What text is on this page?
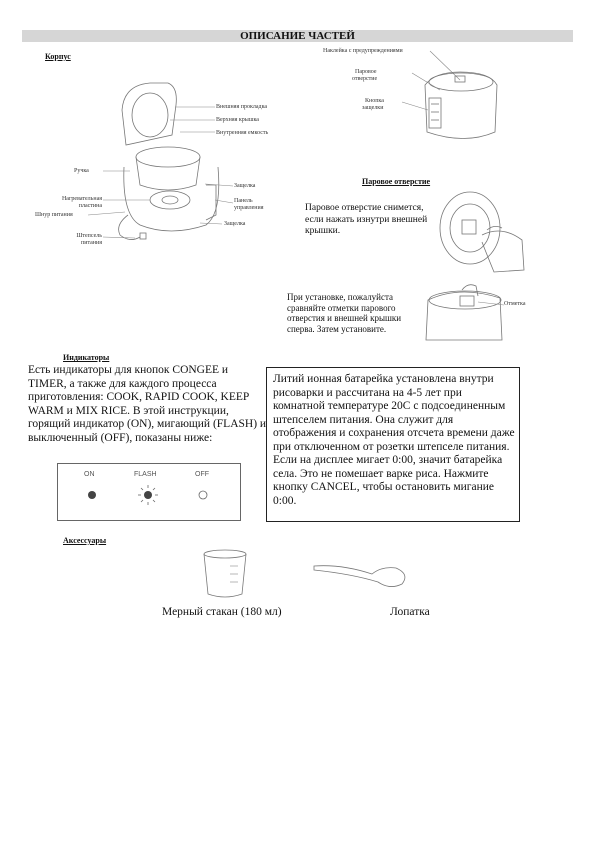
ОПИСАНИЕ ЧАСТЕЙ
Корпус
Внешняя прокладка
Верхняя крышка
Внутренняя емкость
Ручка
Защелка
Нагревательная
пластина
Панель
управления
Шнур питания
Защелка
Штепсель
питания
Наклейка с предупреждениями
Паровое
отверстие
Кнопка
защелки
Паровое отверстие
Паровое отверстие снимется, если нажать изнутри внешней крышки.
При установке, пожалуйста сравняйте отметки парового отверстия и внешней крышки сперва. Затем установите.
Отметка
Индикаторы
Есть индикаторы для кнопок CONGEE и TIMER, а также для каждого процесса приготовления: COOK, RAPID COOK, KEEP WARM и MIX RICE. В этой инструкции, горящий индикатор (ON), мигающий (FLASH) и выключенный (OFF), показаны ниже:
ON	FLASH	OFF
Литий ионная батарейка установлена внутри рисоварки и рассчитана на 4-5 лет при комнатной температуре 20С с подсоединенным штепселем питания. Она служит для отображения и сохранения отсчета времени даже при отключенном от розетки штепселе питания. Если на дисплее мигает 0:00, значит батарейка села. Это не помешает варке риса. Нажмите кнопку CANCEL, чтобы остановить мигание 0:00.
Аксессуары
Мерный стакан (180 мл)	Лопатка
